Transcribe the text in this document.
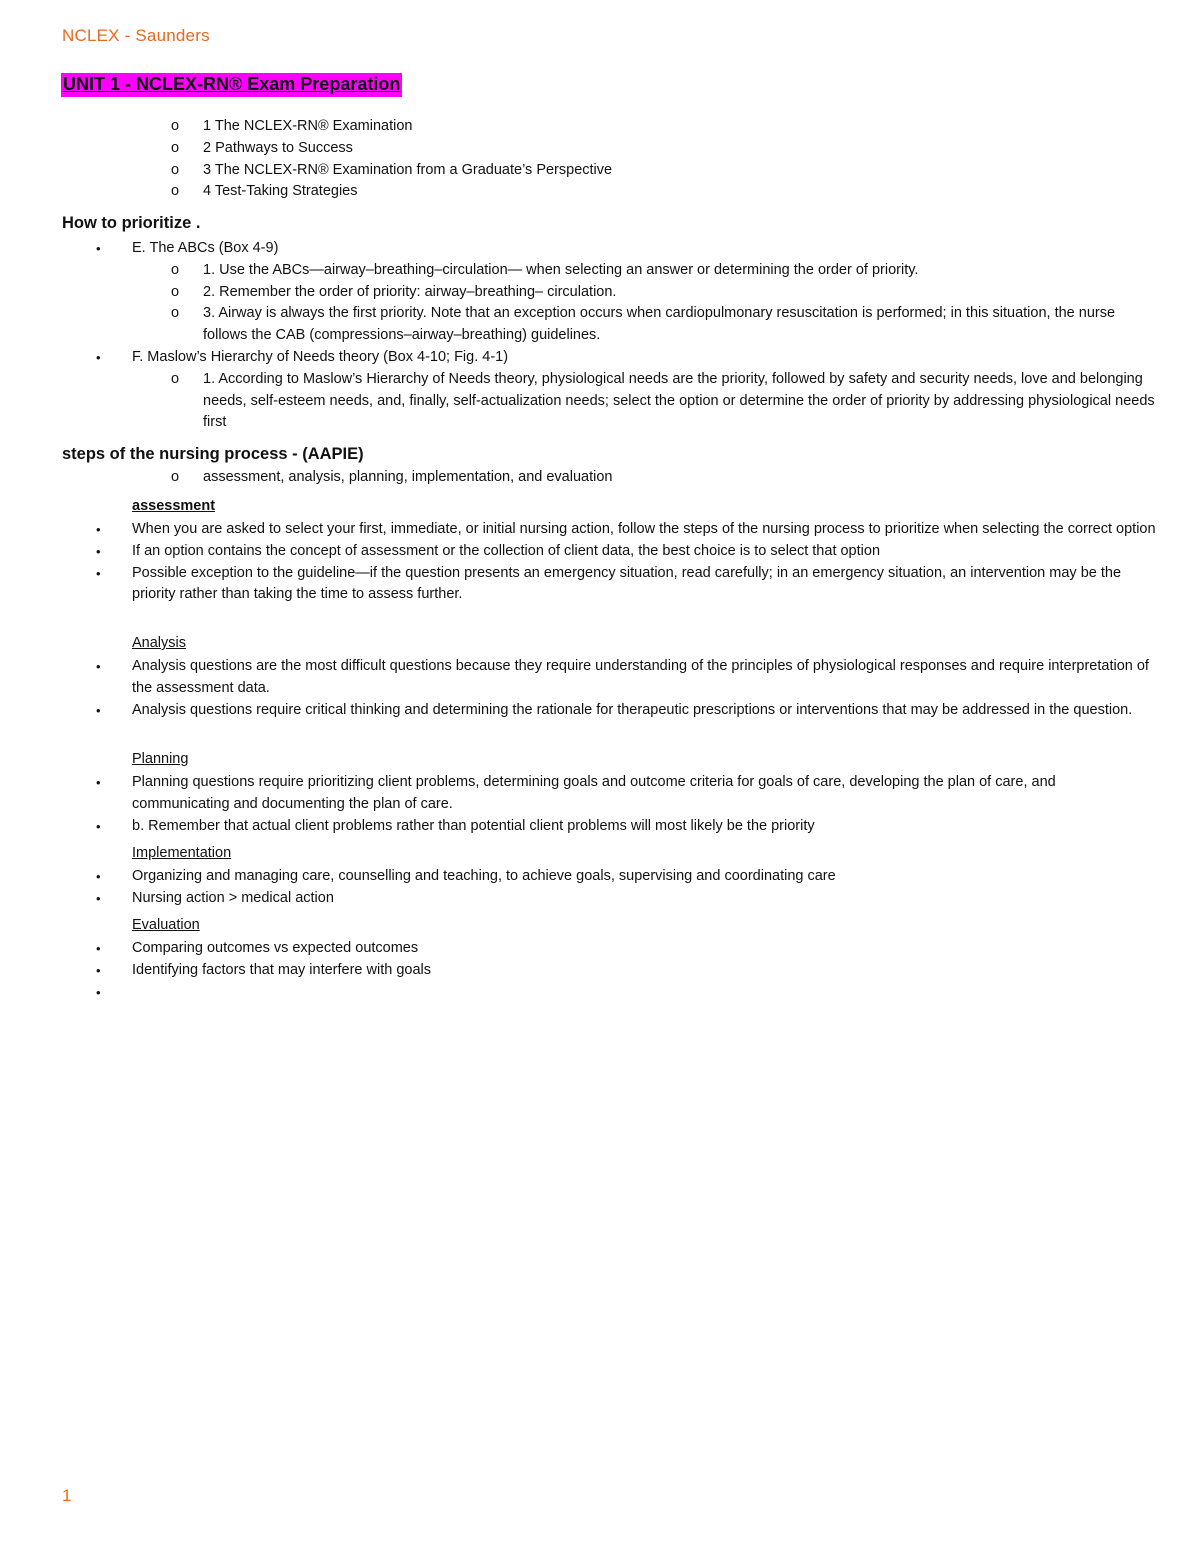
NCLEX - Saunders
UNIT 1 - NCLEX-RN® Exam Preparation
o 1 The NCLEX-RN® Examination
o 2 Pathways to Success
o 3 The NCLEX-RN® Examination from a Graduate’s Perspective
o 4 Test-Taking Strategies
How to prioritize .
• E. The ABCs (Box 4-9)
o 1. Use the ABCs—airway–breathing–circulation— when selecting an answer or determining the order of priority.
o 2. Remember the order of priority: airway–breathing– circulation.
o 3. Airway is always the first priority. Note that an exception occurs when cardiopulmonary resuscitation is performed; in this situation, the nurse follows the CAB (compressions–airway–breathing) guidelines.
• F. Maslow’s Hierarchy of Needs theory (Box 4-10; Fig. 4-1)
o 1. According to Maslow’s Hierarchy of Needs theory, physiological needs are the priority, followed by safety and security needs, love and belonging needs, self-esteem needs, and, finally, self-actualization needs; select the option or determine the order of priority by addressing physiological needs first
steps of the nursing process - (AAPIE)
o assessment, analysis, planning, implementation, and evaluation
assessment
• When you are asked to select your first, immediate, or initial nursing action, follow the steps of the nursing process to prioritize when selecting the correct option
• If an option contains the concept of assessment or the collection of client data, the best choice is to select that option
• Possible exception to the guideline—if the question presents an emergency situation, read carefully; in an emergency situation, an intervention may be the priority rather than taking the time to assess further.
Analysis
• Analysis questions are the most difficult questions because they require understanding of the principles of physiological responses and require interpretation of the assessment data.
• Analysis questions require critical thinking and determining the rationale for therapeutic prescriptions or interventions that may be addressed in the question.
Planning
• Planning questions require prioritizing client problems, determining goals and outcome criteria for goals of care, developing the plan of care, and communicating and documenting the plan of care.
• b. Remember that actual client problems rather than potential client problems will most likely be the priority
Implementation
• Organizing and managing care, counselling and teaching, to achieve goals, supervising and coordinating care
• Nursing action > medical action
Evaluation
• Comparing outcomes vs expected outcomes
• Identifying factors that may interfere with goals
•
1
